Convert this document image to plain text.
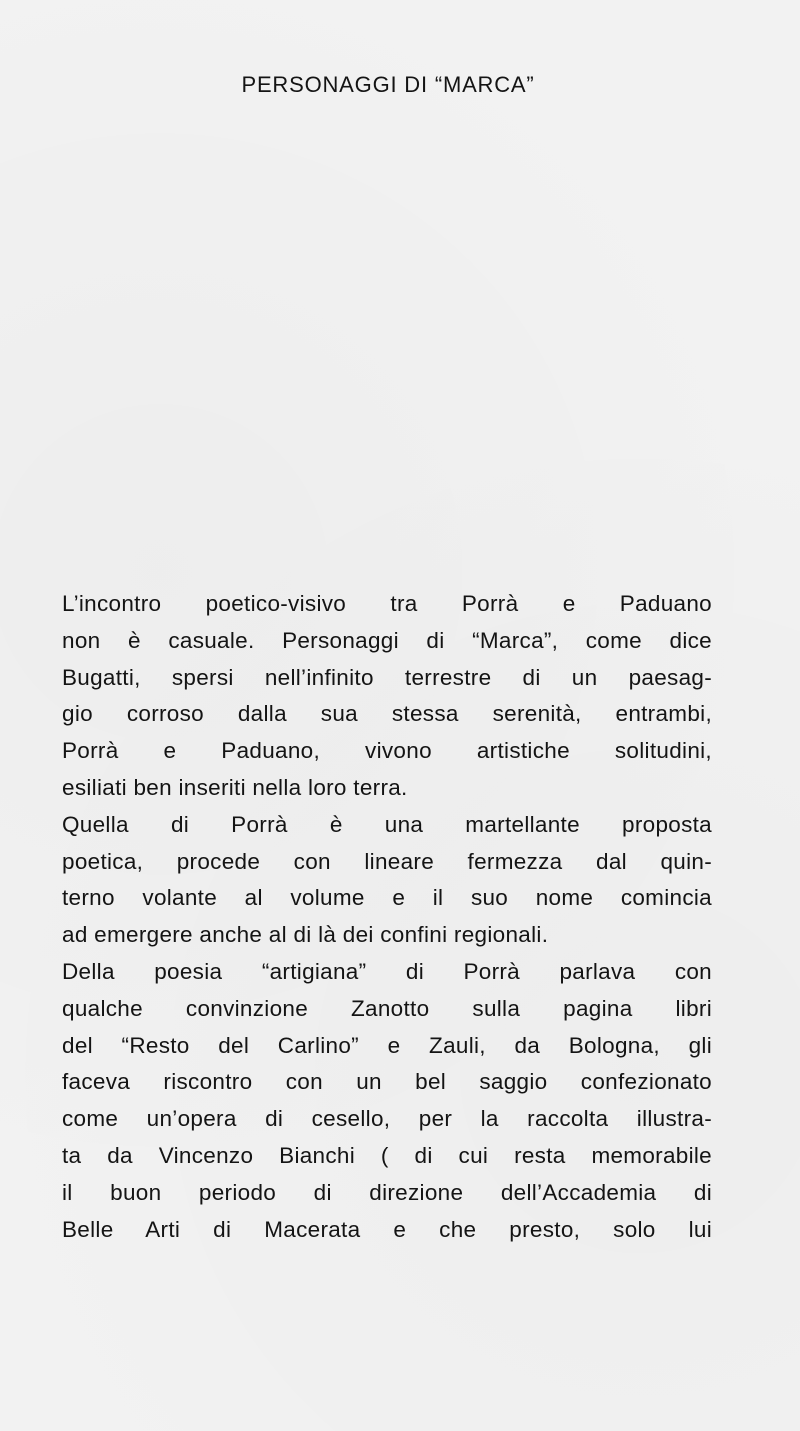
PERSONAGGI DI “MARCA”
L’incontro poetico-visivo tra Porrà e Paduano
non è casuale. Personaggi di “Marca”, come dice
Bugatti, spersi nell’infinito terrestre di un paesag-
gio corroso dalla sua stessa serenità, entrambi,
Porrà e Paduano, vivono artistiche solitudini,
esiliati ben inseriti nella loro terra.
Quella di Porrà è una martellante proposta
poetica, procede con lineare fermezza dal quin-
terno volante al volume e il suo nome comincia
ad emergere anche al di là dei confini regionali.
Della poesia “artigiana” di Porrà parlava con
qualche convinzione Zanotto sulla pagina libri
del “Resto del Carlino” e Zauli, da Bologna, gli
faceva riscontro con un bel saggio confezionato
come un’opera di cesello, per la raccolta illustra-
ta da Vincenzo Bianchi ( di cui resta memorabile
il buon periodo di direzione dell’Accademia di
Belle Arti di Macerata e che presto, solo lui
